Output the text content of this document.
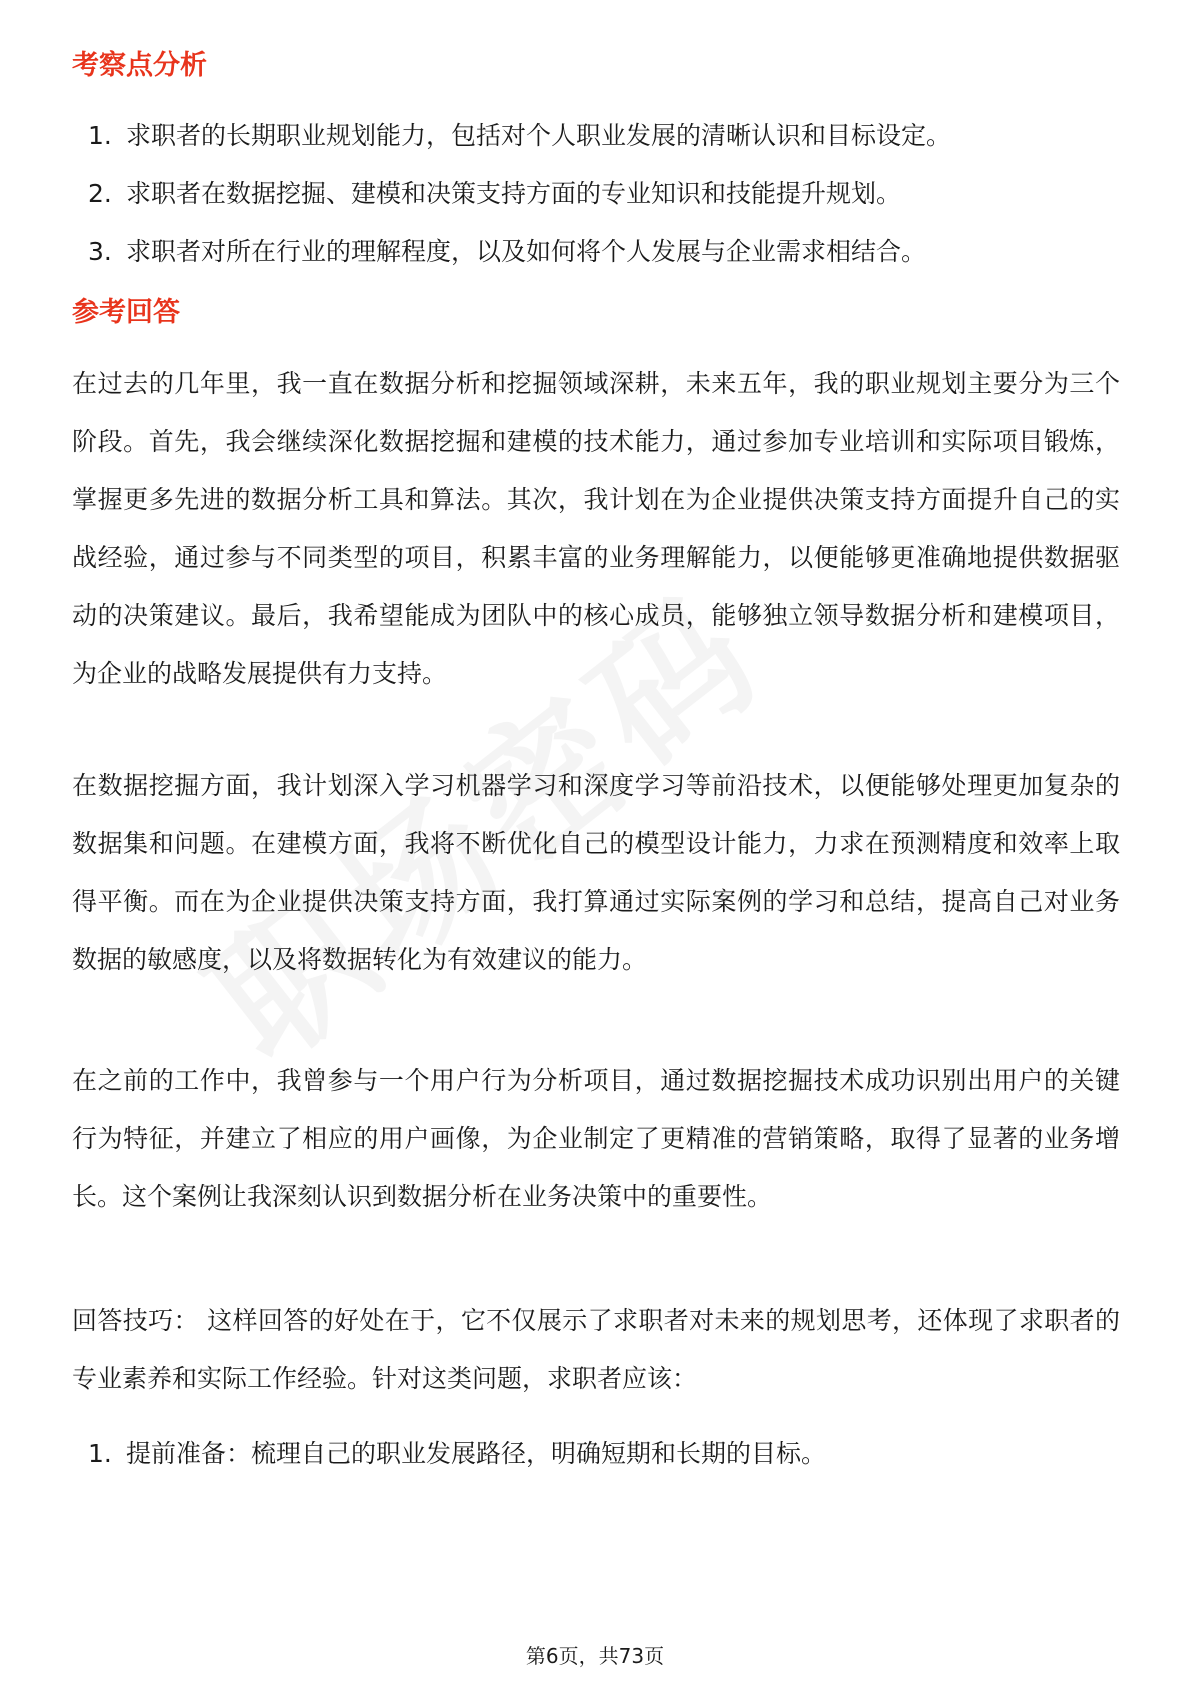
考察点分析
1. 求职者的长期职业规划能力，包括对个人职业发展的清晰认识和目标设定。
2. 求职者在数据挖掘、建模和决策支持方面的专业知识和技能提升规划。
3. 求职者对所在行业的理解程度，以及如何将个人发展与企业需求相结合。
参考回答

在过去的几年里，我一直在数据分析和挖掘领域深耕，未来五年，我的职业规划主要分为三个阶段。首先，我会继续深化数据挖掘和建模的技术能力，通过参加专业培训和实际项目锻炼，掌握更多先进的数据分析工具和算法。其次，我计划在为企业提供决策支持方面提升自己的实战经验，通过参与不同类型的项目，积累丰富的业务理解能力，以便能够更准确地提供数据驱动的决策建议。最后，我希望能成为团队中的核心成员，能够独立领导数据分析和建模项目，为企业的战略发展提供有力支持。

在数据挖掘方面，我计划深入学习机器学习和深度学习等前沿技术，以便能够处理更加复杂的数据集和问题。在建模方面，我将不断优化自己的模型设计能力，力求在预测精度和效率上取得平衡。而在为企业提供决策支持方面，我打算通过实际案例的学习和总结，提高自己对业务数据的敏感度，以及将数据转化为有效建议的能力。

在之前的工作中，我曾参与一个用户行为分析项目，通过数据挖掘技术成功识别出用户的关键行为特征，并建立了相应的用户画像，为企业制定了更精准的营销策略，取得了显著的业务增长。这个案例让我深刻认识到数据分析在业务决策中的重要性。

回答技巧： 这样回答的好处在于，它不仅展示了求职者对未来的规划思考，还体现了求职者的专业素养和实际工作经验。针对这类问题，求职者应该：

1. 提前准备：梳理自己的职业发展路径，明确短期和长期的目标。
第6页，共73页
